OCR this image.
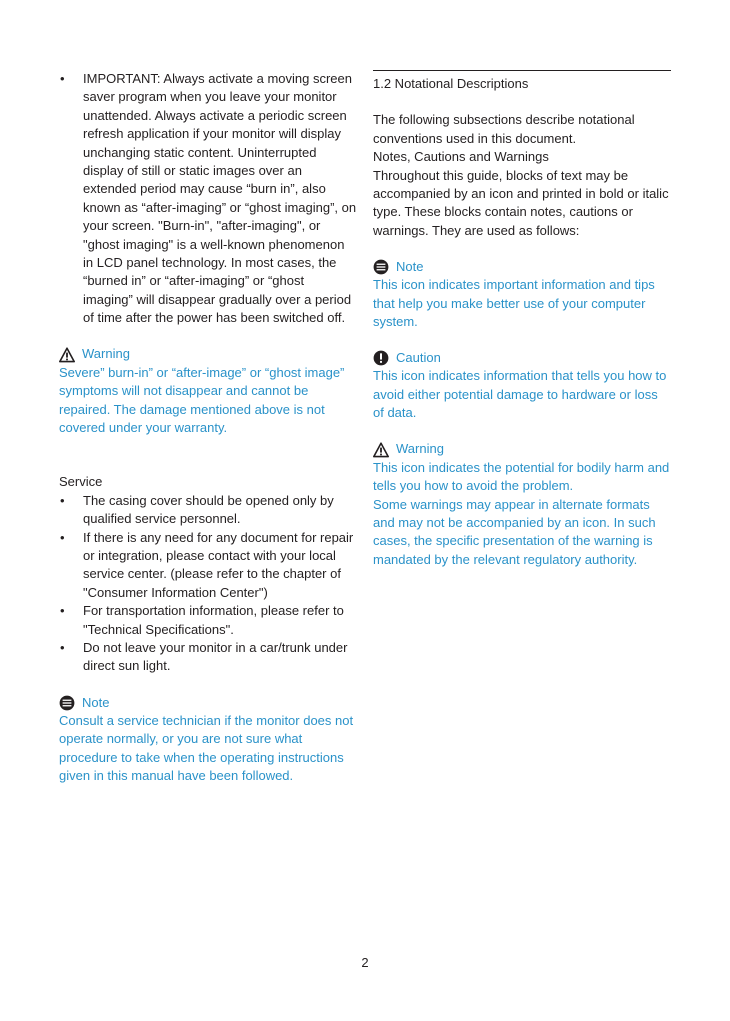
• IMPORTANT: Always activate a moving screen saver program when you leave your monitor unattended. Always activate a periodic screen refresh application if your monitor will display unchanging static content. Uninterrupted display of still or static images over an extended period may cause “burn in”, also known as “after-imaging” or “ghost imaging”, on your screen. "Burn-in", "after-imaging", or "ghost imaging" is a well-known phenomenon in LCD panel technology. In most cases, the “burned in” or “after-imaging” or “ghost imaging” will disappear gradually over a period of time after the power has been switched off.
Warning

Severe” burn-in” or “after-image” or “ghost image” symptoms will not disappear and cannot be repaired. The damage mentioned above is not covered under your warranty.

Service

• The casing cover should be opened only by qualified service personnel.
• If there is any need for any document for repair or integration, please contact with your local service center. (please refer to the chapter of "Consumer Information Center")
• For transportation information, please refer to "Technical Specifications".
• Do not leave your monitor in a car/trunk under direct sun light.
Note

Consult a service technician if the monitor does not operate normally, or you are not sure what procedure to take when the operating instructions given in this manual have been followed.

1.2 Notational Descriptions

The following subsections describe notational conventions used in this document.

Notes, Cautions and Warnings

Throughout this guide, blocks of text may be accompanied by an icon and printed in bold or italic type. These blocks contain notes, cautions or warnings. They are used as follows:

Note

This icon indicates important information and tips that help you make better use of your computer system.

Caution

This icon indicates information that tells you how to avoid either potential damage to hardware or loss of data.

Warning

This icon indicates the potential for bodily harm and tells you how to avoid the problem.

Some warnings may appear in alternate formats and may not be accompanied by an icon. In such cases, the specific presentation of the warning is mandated by the relevant regulatory authority.

2
